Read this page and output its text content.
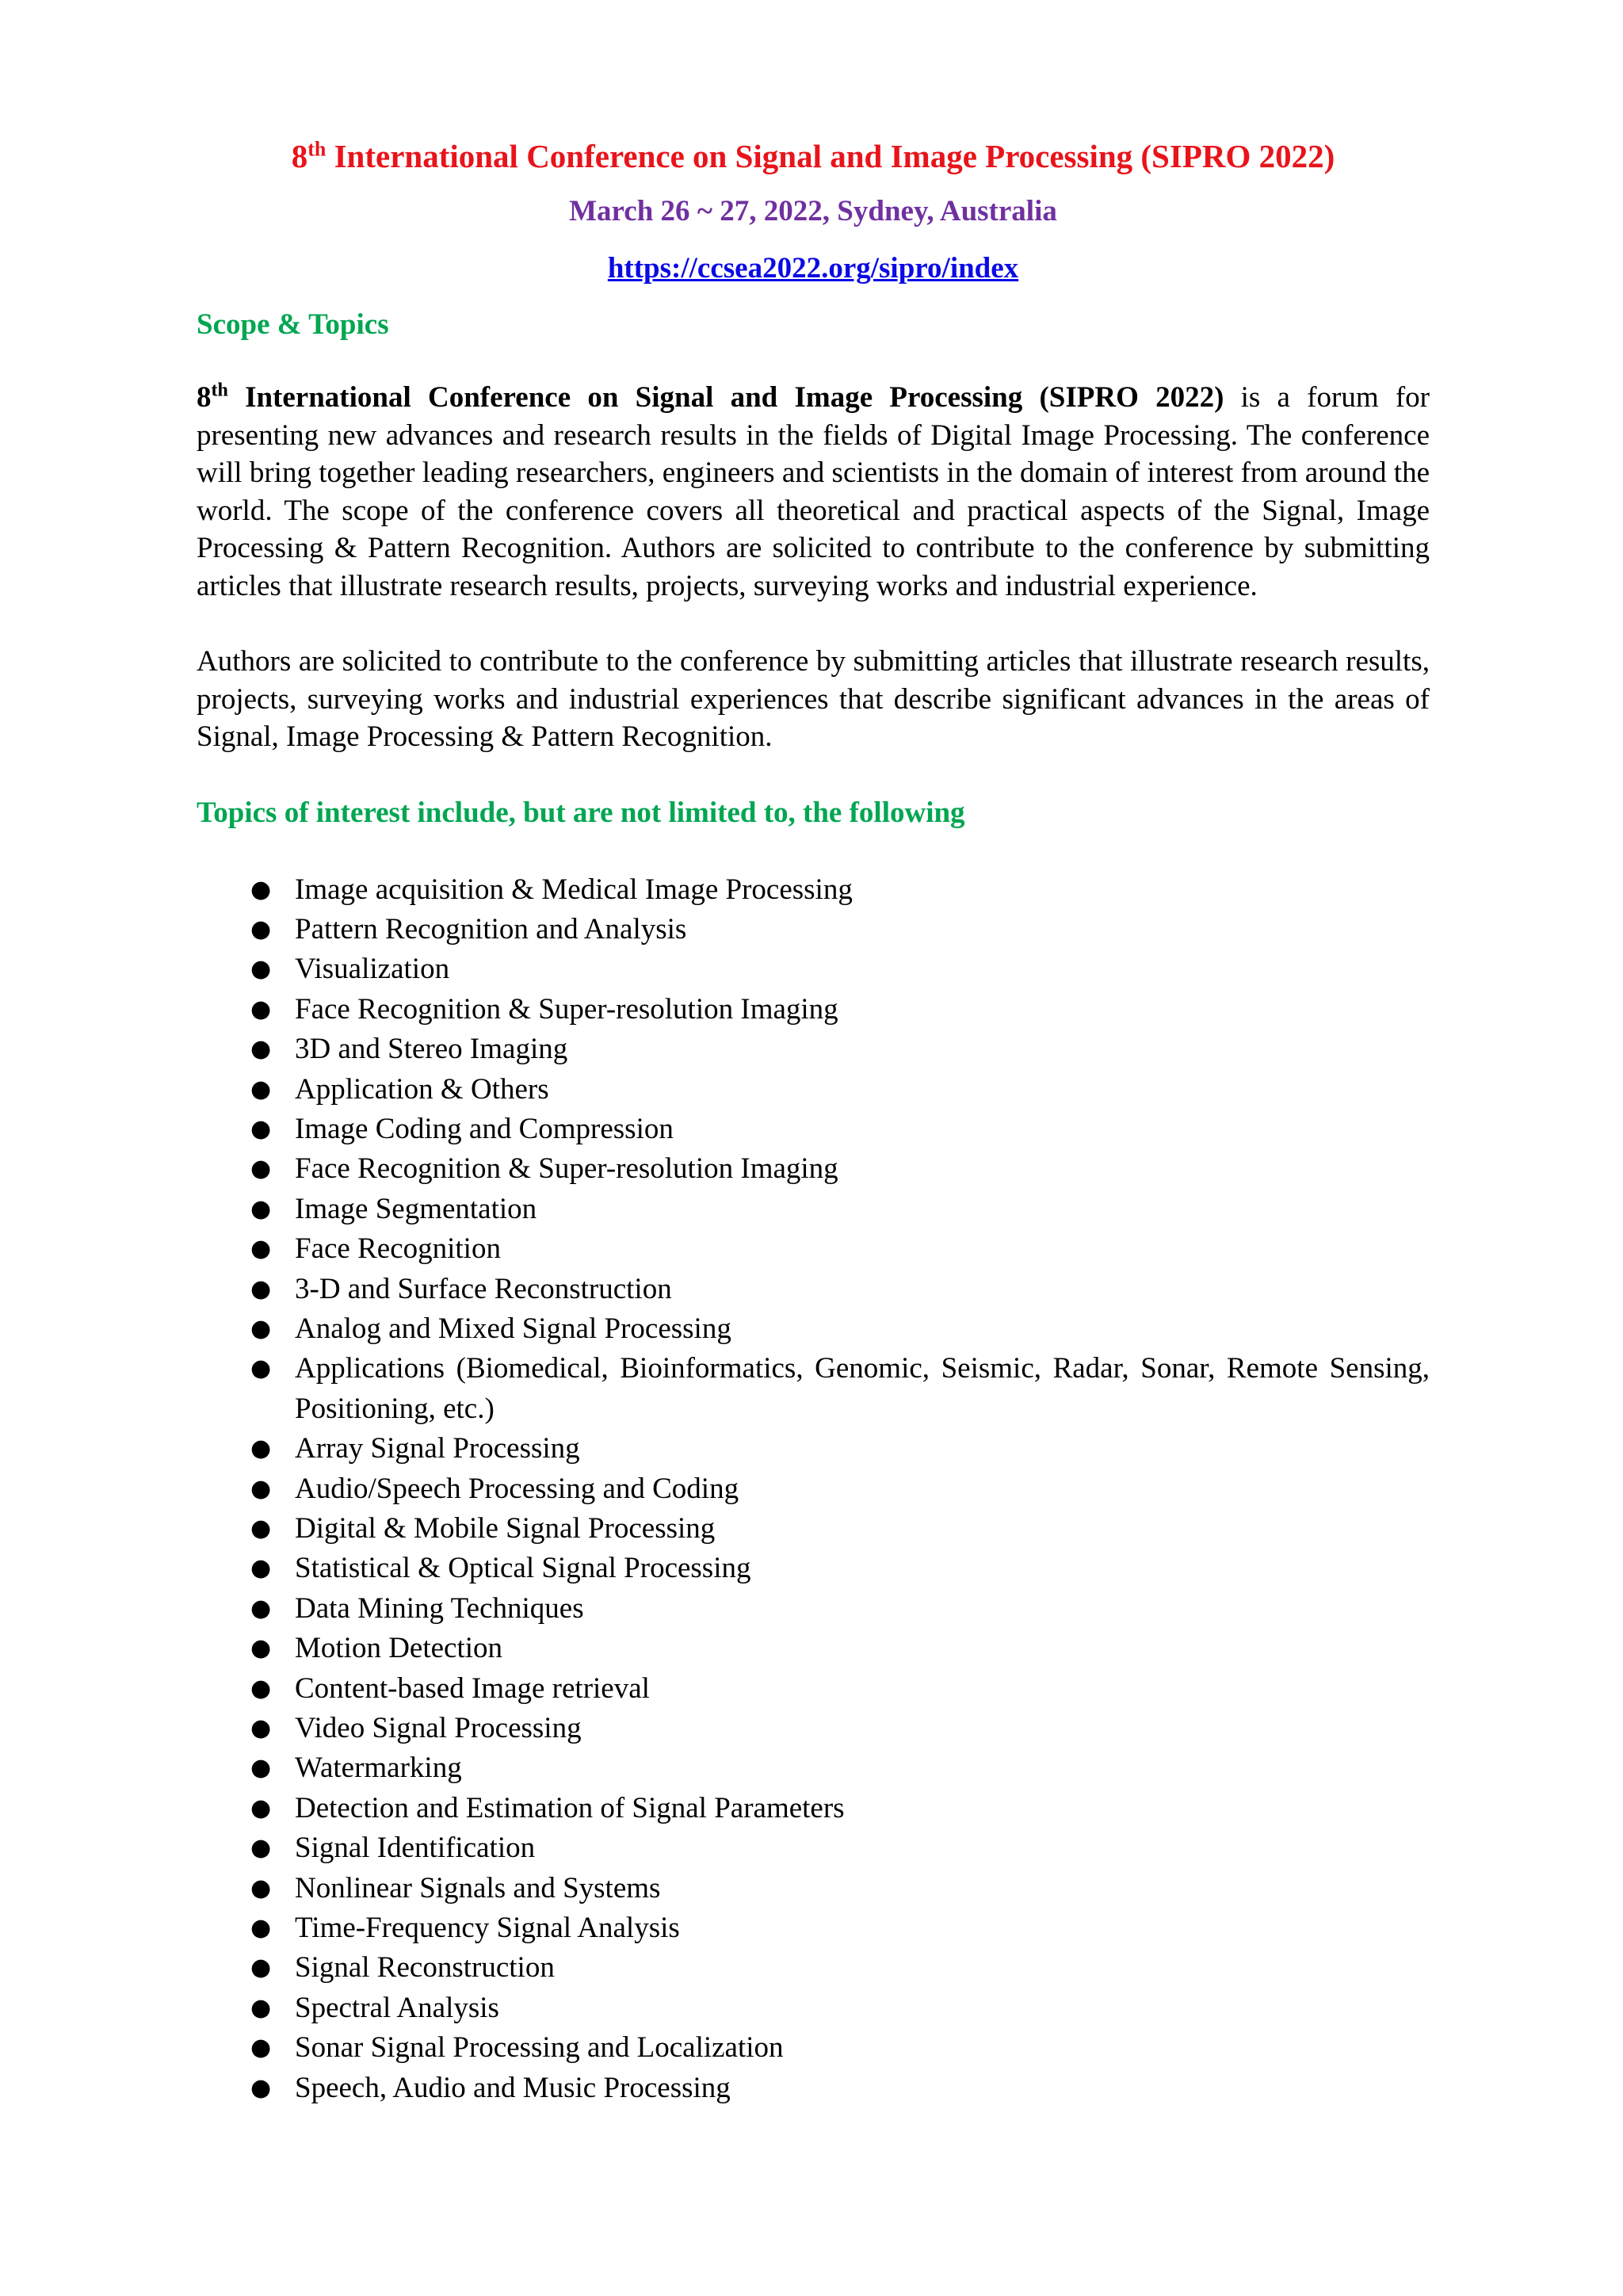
8th International Conference on Signal and Image Processing (SIPRO 2022)
March 26 ~ 27, 2022, Sydney, Australia
https://ccsea2022.org/sipro/index
Scope & Topics

8th International Conference on Signal and Image Processing (SIPRO 2022) is a forum for presenting new advances and research results in the fields of Digital Image Processing. The conference will bring together leading researchers, engineers and scientists in the domain of interest from around the world. The scope of the conference covers all theoretical and practical aspects of the Signal, Image Processing & Pattern Recognition. Authors are solicited to contribute to the conference by submitting articles that illustrate research results, projects, surveying works and industrial experience.

Authors are solicited to contribute to the conference by submitting articles that illustrate research results, projects, surveying works and industrial experiences that describe significant advances in the areas of Signal, Image Processing & Pattern Recognition.

Topics of interest include, but are not limited to, the following
● Image acquisition & Medical Image Processing
● Pattern Recognition and Analysis
● Visualization
● Face Recognition & Super-resolution Imaging
● 3D and Stereo Imaging
● Application & Others
● Image Coding and Compression
● Face Recognition & Super-resolution Imaging
● Image Segmentation
● Face Recognition
● 3-D and Surface Reconstruction
● Analog and Mixed Signal Processing
● Applications (Biomedical, Bioinformatics, Genomic, Seismic, Radar, Sonar, Remote Sensing, Positioning, etc.)
● Array Signal Processing
● Audio/Speech Processing and Coding
● Digital & Mobile Signal Processing
● Statistical & Optical Signal Processing
● Data Mining Techniques
● Motion Detection
● Content-based Image retrieval
● Video Signal Processing
● Watermarking
● Detection and Estimation of Signal Parameters
● Signal Identification
● Nonlinear Signals and Systems
● Time-Frequency Signal Analysis
● Signal Reconstruction
● Spectral Analysis
● Sonar Signal Processing and Localization
● Speech, Audio and Music Processing
